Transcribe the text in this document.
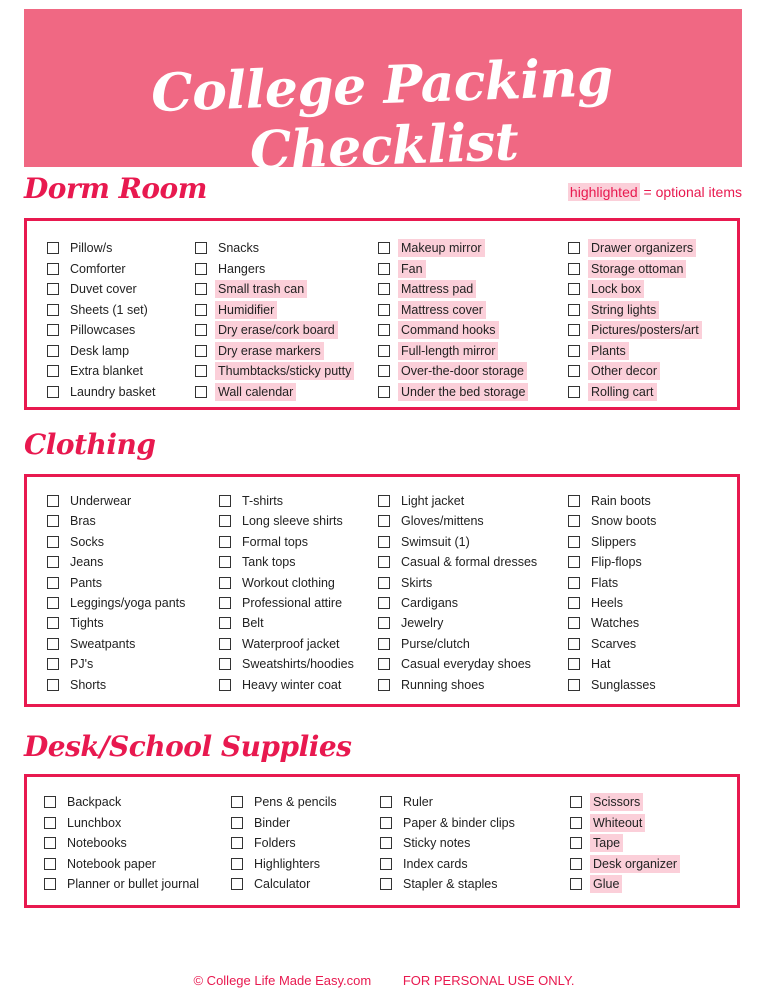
College Packing Checklist
Dorm Room	highlighted = optional items
Pillow/s
Comforter
Duvet cover
Sheets (1 set)
Pillowcases
Desk lamp
Extra blanket
Laundry basket
Snacks
Hangers
Small trash can
Humidifier
Dry erase/cork board
Dry erase markers
Thumbtacks/sticky putty
Wall calendar
Makeup mirror
Fan
Mattress pad
Mattress cover
Command hooks
Full-length mirror
Over-the-door storage
Under the bed storage
Drawer organizers
Storage ottoman
Lock box
String lights
Pictures/posters/art
Plants
Other decor
Rolling cart
Clothing
Underwear
Bras
Socks
Jeans
Pants
Leggings/yoga pants
Tights
Sweatpants
PJ's
Shorts
T-shirts
Long sleeve shirts
Formal tops
Tank tops
Workout clothing
Professional attire
Belt
Waterproof jacket
Sweatshirts/hoodies
Heavy winter coat
Light jacket
Gloves/mittens
Swimsuit (1)
Casual & formal dresses
Skirts
Cardigans
Jewelry
Purse/clutch
Casual everyday shoes
Running shoes
Rain boots
Snow boots
Slippers
Flip-flops
Flats
Heels
Watches
Scarves
Hat
Sunglasses
Desk/School Supplies
Backpack
Lunchbox
Notebooks
Notebook paper
Planner or bullet journal
Pens & pencils
Binder
Folders
Highlighters
Calculator
Ruler
Paper & binder clips
Sticky notes
Index cards
Stapler & staples
Scissors
Whiteout
Tape
Desk organizer
Glue
© College Life Made Easy.com FOR PERSONAL USE ONLY.
